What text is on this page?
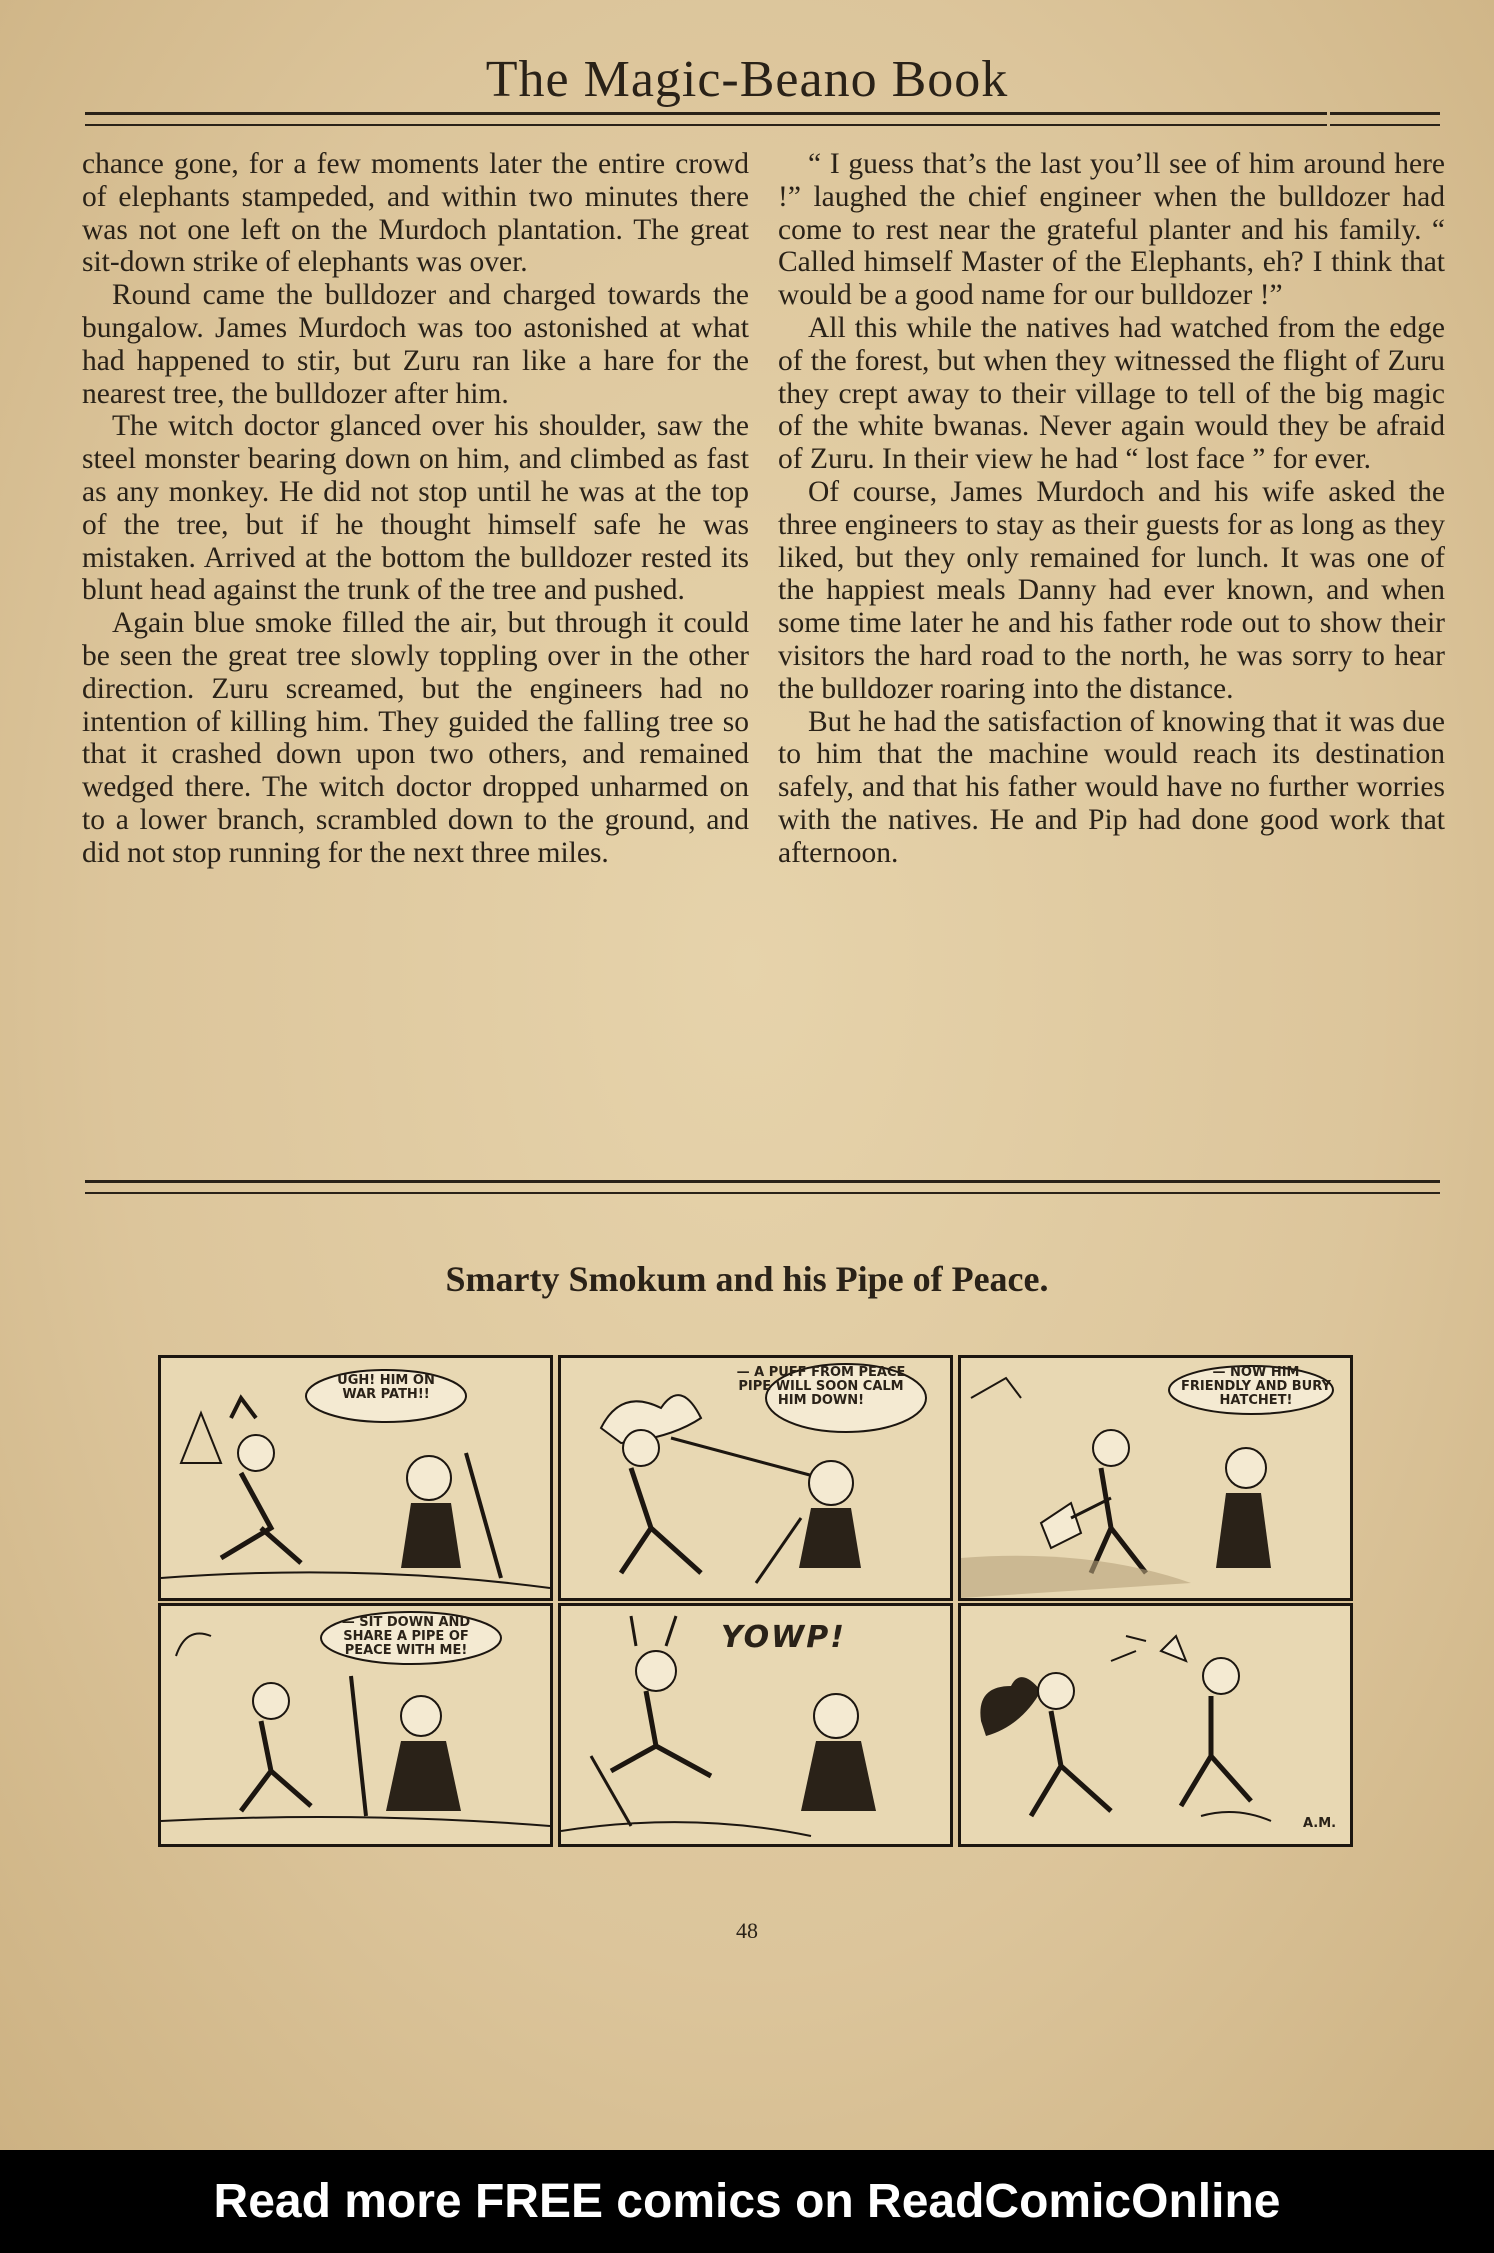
The Magic-Beano Book

chance gone, for a few moments later the entire crowd of elephants stampeded, and within two minutes there was not one left on the Murdoch plantation. The great sit-down strike of elephants was over.

Round came the bulldozer and charged towards the bungalow. James Murdoch was too astonished at what had happened to stir, but Zuru ran like a hare for the nearest tree, the bulldozer after him.

The witch doctor glanced over his shoulder, saw the steel monster bearing down on him, and climbed as fast as any monkey. He did not stop until he was at the top of the tree, but if he thought himself safe he was mistaken. Arrived at the bottom the bulldozer rested its blunt head against the trunk of the tree and pushed.

Again blue smoke filled the air, but through it could be seen the great tree slowly toppling over in the other direction. Zuru screamed, but the engineers had no intention of killing him. They guided the falling tree so that it crashed down upon two others, and remained wedged there. The witch doctor dropped unharmed on to a lower branch, scrambled down to the ground, and did not stop running for the next three miles.

“ I guess that’s the last you’ll see of him around here !” laughed the chief engineer when the bulldozer had come to rest near the grateful planter and his family. “ Called himself Master of the Elephants, eh? I think that would be a good name for our bulldozer !”

All this while the natives had watched from the edge of the forest, but when they witnessed the flight of Zuru they crept away to their village to tell of the big magic of the white bwanas. Never again would they be afraid of Zuru. In their view he had “ lost face ” for ever.

Of course, James Murdoch and his wife asked the three engineers to stay as their guests for as long as they liked, but they only remained for lunch. It was one of the happiest meals Danny had ever known, and when some time later he and his father rode out to show their visitors the hard road to the north, he was sorry to hear the bulldozer roaring into the distance.

But he had the satisfaction of knowing that it was due to him that the machine would reach its destination safely, and that his father would have no further worries with the natives. He and Pip had done good work that afternoon.

Smarty Smokum and his Pipe of Peace.
UGH! HIM ON WAR PATH!!
— A PUFF FROM PEACE PIPE WILL SOON CALM HIM DOWN!
— NOW HIM FRIENDLY AND BURY HATCHET!
— SIT DOWN AND SHARE A PIPE OF PEACE WITH ME!	YOWP!
A.M.
48
Read more FREE comics on ReadComicOnline
